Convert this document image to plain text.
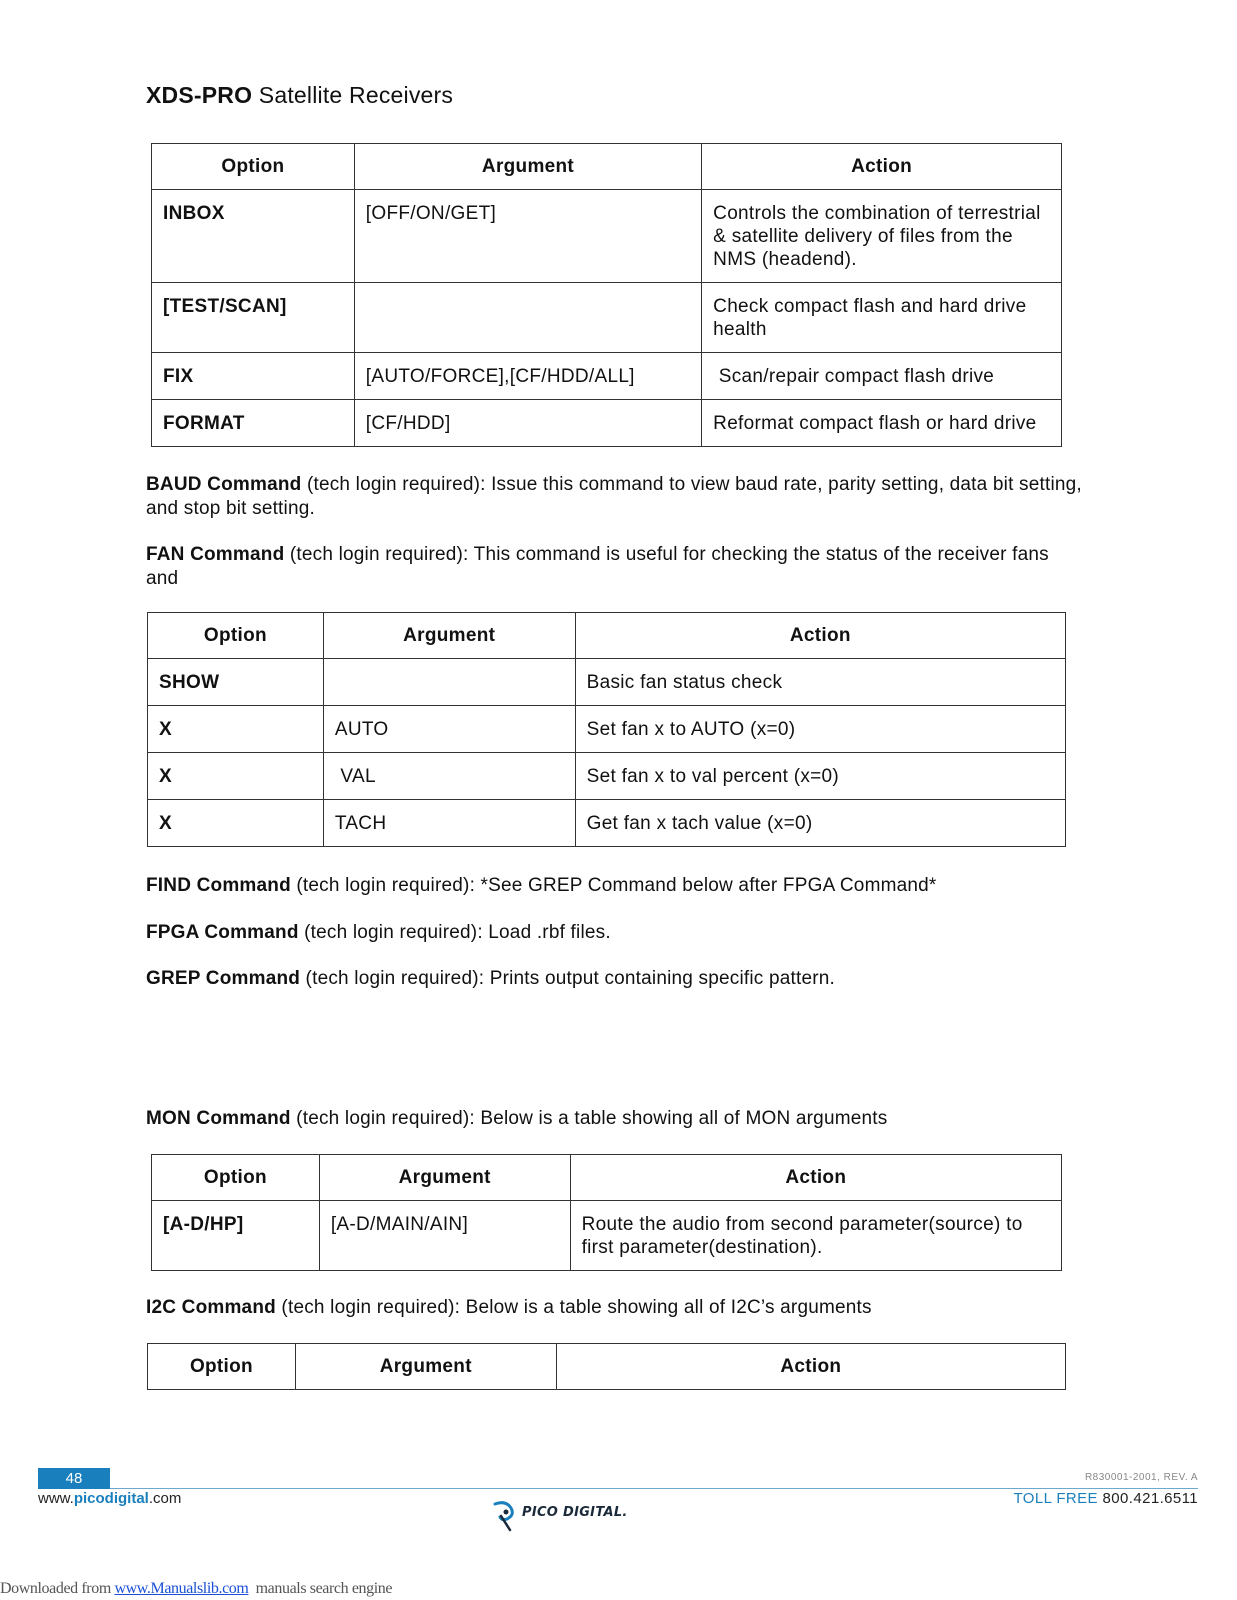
XDS-PRO Satellite Receivers
Option	Argument	Action
INBOX	[OFF/ON/GET]	Controls the combination of terrestrial & satellite delivery of files from the NMS (headend).
[TEST/SCAN]		Check compact flash and hard drive health
FIX	[AUTO/FORCE],[CF/HDD/ALL]	Scan/repair compact flash drive
FORMAT	[CF/HDD]	Reformat compact flash or hard drive
BAUD Command (tech login required): Issue this command to view baud rate, parity setting, data bit setting, and stop bit setting.
FAN Command (tech login required): This command is useful for checking the status of the receiver fans and
Option	Argument	Action
SHOW		Basic fan status check
X	AUTO	Set fan x to AUTO (x=0)
X	VAL	Set fan x to val percent (x=0)
X	TACH	Get fan x tach value (x=0)
FIND Command (tech login required): *See GREP Command below after FPGA Command*
FPGA Command (tech login required): Load .rbf files.
GREP Command (tech login required): Prints output containing specific pattern.
MON Command (tech login required): Below is a table showing all of MON arguments
Option	Argument	Action
[A-D/HP]	[A-D/MAIN/AIN]	Route the audio from second parameter(source) to first parameter(destination).
I2C Command (tech login required): Below is a table showing all of I2C’s arguments
Option	Argument	Action
48	R830001-2001, REV. A
www.picodigital.com
PICO DIGITAL.
TOLL FREE 800.421.6511
Downloaded from www.Manualslib.com  manuals search engine
